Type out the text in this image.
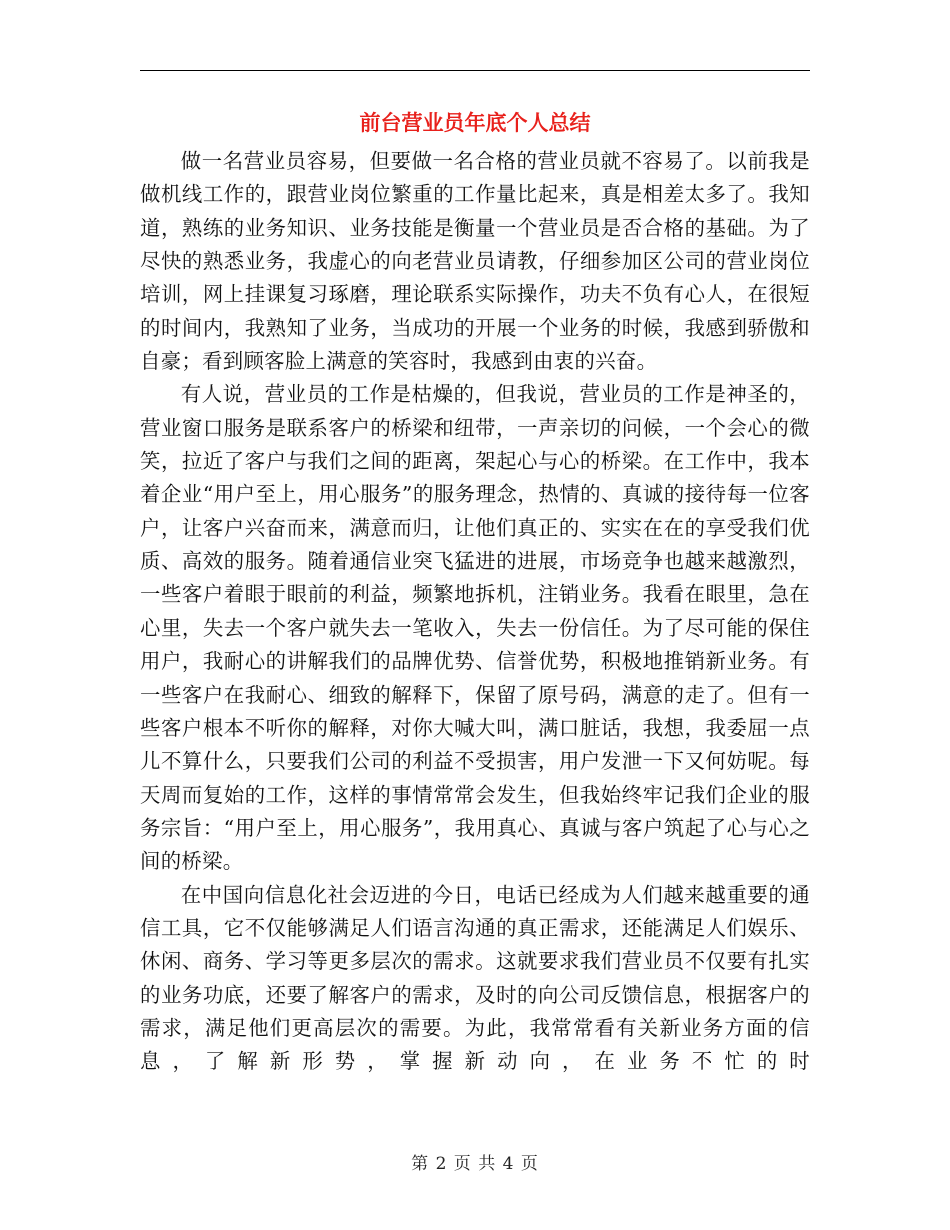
前台营业员年底个人总结

做一名营业员容易，但要做一名合格的营业员就不容易了。以前我是做机线工作的，跟营业岗位繁重的工作量比起来，真是相差太多了。我知道，熟练的业务知识、业务技能是衡量一个营业员是否合格的基础。为了尽快的熟悉业务，我虚心的向老营业员请教，仔细参加区公司的营业岗位培训，网上挂课复习琢磨，理论联系实际操作，功夫不负有心人，在很短的时间内，我熟知了业务，当成功的开展一个业务的时候，我感到骄傲和自豪；看到顾客脸上满意的笑容时，我感到由衷的兴奋。

有人说，营业员的工作是枯燥的，但我说，营业员的工作是神圣的，营业窗口服务是联系客户的桥梁和纽带，一声亲切的问候，一个会心的微笑，拉近了客户与我们之间的距离，架起心与心的桥梁。在工作中，我本着企业“用户至上，用心服务”的服务理念，热情的、真诚的接待每一位客户，让客户兴奋而来，满意而归，让他们真正的、实实在在的享受我们优质、高效的服务。随着通信业突飞猛进的进展，市场竞争也越来越激烈，一些客户着眼于眼前的利益，频繁地拆机，注销业务。我看在眼里，急在心里，失去一个客户就失去一笔收入，失去一份信任。为了尽可能的保住用户，我耐心的讲解我们的品牌优势、信誉优势，积极地推销新业务。有一些客户在我耐心、细致的解释下，保留了原号码，满意的走了。但有一些客户根本不听你的解释，对你大喊大叫，满口脏话，我想，我委屈一点儿不算什么，只要我们公司的利益不受损害，用户发泄一下又何妨呢。每天周而复始的工作，这样的事情常常会发生，但我始终牢记我们企业的服务宗旨：“用户至上，用心服务”，我用真心、真诚与客户筑起了心与心之间的桥梁。

在中国向信息化社会迈进的今日，电话已经成为人们越来越重要的通信工具，它不仅能够满足人们语言沟通的真正需求，还能满足人们娱乐、休闲、商务、学习等更多层次的需求。这就要求我们营业员不仅要有扎实的业务功底，还要了解客户的需求，及时的向公司反馈信息，根据客户的需求，满足他们更高层次的需要。为此，我常常看有关新业务方面的信息，了解新形势，掌握新动向，在业务不忙的时

第 2 页 共 4 页
